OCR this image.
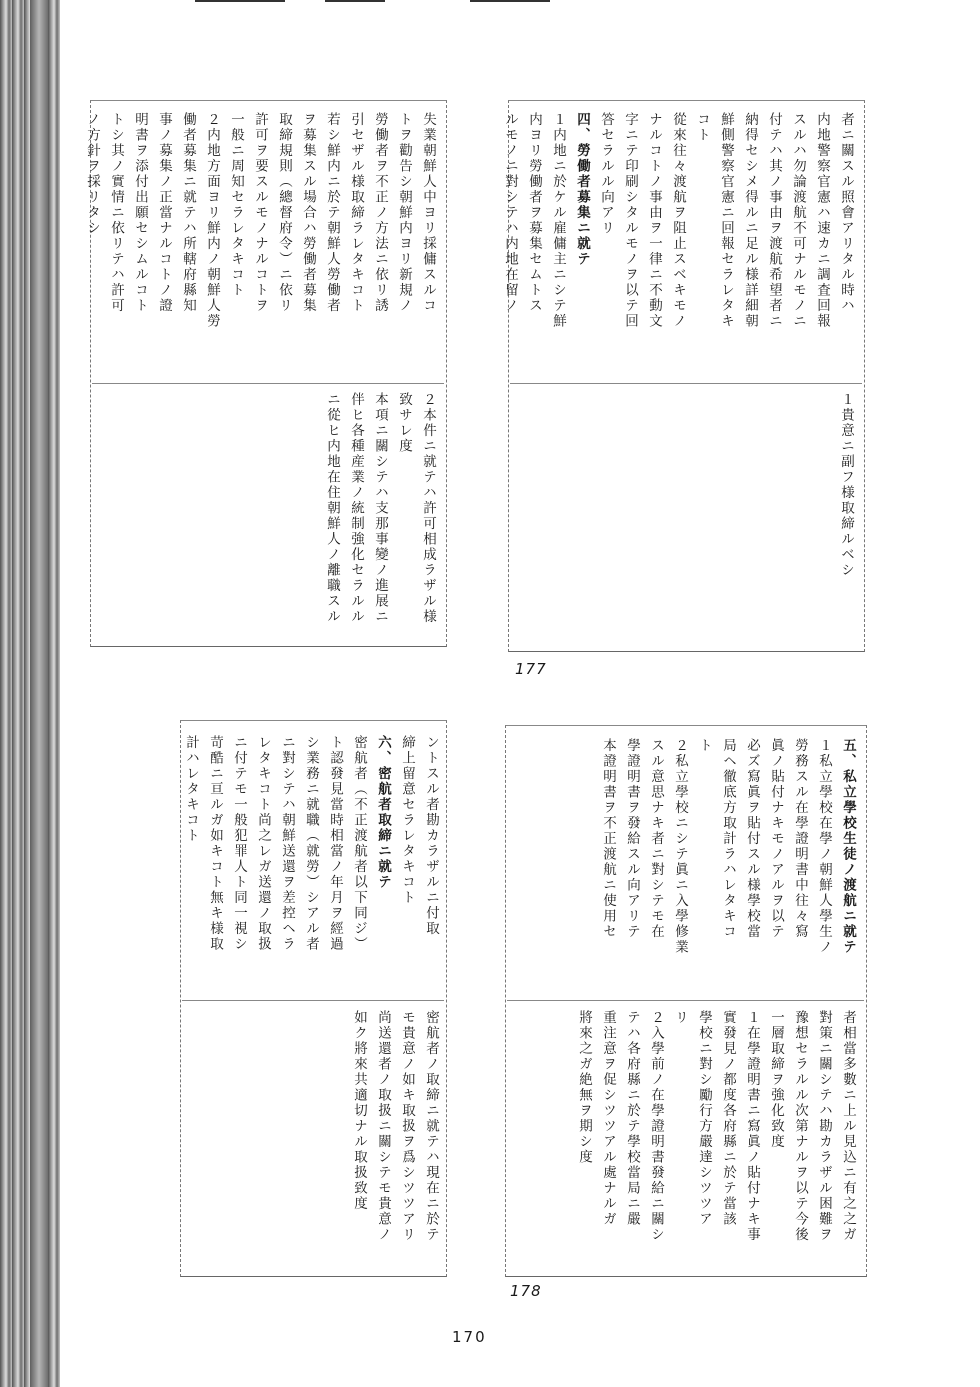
失業朝鮮人中ヨリ採傭スルコ
トヲ勸告シ朝鮮内ヨリ新規ノ
勞働者ヲ不正ノ方法ニ依リ誘
引セザル様取締ラレタキコト
若シ鮮内ニ於テ朝鮮人勞働者
ヲ募集スル場合ハ勞働者募集
取締規則（總督府令）ニ依リ
許可ヲ要スルモノナルコトヲ
一般ニ周知セラレタキコト
２内地方面ヨリ鮮内ノ朝鮮人勞
働者募集ニ就テハ所轄府縣知
事ノ募集ノ正當ナルコトノ證
明書ヲ添付出願セシムルコト
トシ其ノ實情ニ依リテハ許可
ノ方針ヲ採リタシ
２本件ニ就テハ許可相成ラザル様
致サレ度
本項ニ關シテハ支那事變ノ進展ニ
伴ヒ各種産業ノ統制強化セラルル
ニ從ヒ内地在住朝鮮人ノ離職スル
者ニ關スル照會アリタル時ハ
内地警察官憲ハ速カニ調査回報
スルハ勿論渡航不可ナルモノニ
付テハ其ノ事由ヲ渡航希望者ニ
納得セシメ得ルニ足ル様詳細朝
鮮側警察官憲ニ回報セラレタキ
コト
從來往々渡航ヲ阻止スベキモノ
ナルコトノ事由ヲ一律ニ不動文
字ニテ印刷シタルモノヲ以テ回
答セラルル向アリ
四、勞働者募集ニ就テ
１内地ニ於ケル雇傭主ニシテ鮮
内ヨリ勞働者ヲ募集セムトス
ルモノニ對シテハ内地在留ノ
１貴意ニ副フ様取締ルベシ
177
ントスル者勘カラザルニ付取
締上留意セラレタキコト
六、密航者取締ニ就テ
密航者（不正渡航者以下同ジ）
ト認發見當時相當ノ年月ヲ經過
シ業務ニ就職（就勞）シアル者
ニ對シテハ朝鮮送還ヲ差控ヘラ
レタキコト尚之レガ送還ノ取扱
ニ付テモ一般犯罪人ト同一視シ
苛酷ニ亘ルガ如キコト無キ様取
計ハレタキコト
密航者ノ取締ニ就テハ現在ニ於テ
モ貴意ノ如キ取扱ヲ爲シツツアリ
尚送還者ノ取扱ニ關シテモ貴意ノ
如ク將來共適切ナル取扱致度
五、私立學校生徒ノ渡航ニ就テ
１私立學校在學ノ朝鮮人學生ノ
勞務スル在學證明書中往々寫
眞ノ貼付ナキモノアルヲ以テ
必ズ寫眞ヲ貼付スル様學校當
局ヘ徹底方取計ラハレタキコ
ト
２私立學校ニシテ眞ニ入學修業
スル意思ナキ者ニ對シテモ在
學證明書ヲ發給スル向アリテ
本證明書ヲ不正渡航ニ使用セ
者相當多數ニ上ル見込ニ有之之ガ
對策ニ關シテハ勘カラザル困難ヲ
豫想セラルル次第ナルヲ以テ今後
一層取締ヲ強化致度
１在學證明書ニ寫眞ノ貼付ナキ事
實發見ノ都度各府縣ニ於テ當該
學校ニ對シ勵行方嚴達シツツア
リ
２入學前ノ在學證明書發給ニ關シ
テハ各府縣ニ於テ學校當局ニ嚴
重注意ヲ促シツツアル處ナルガ
將來之ガ絶無ヲ期シ度
178
170
